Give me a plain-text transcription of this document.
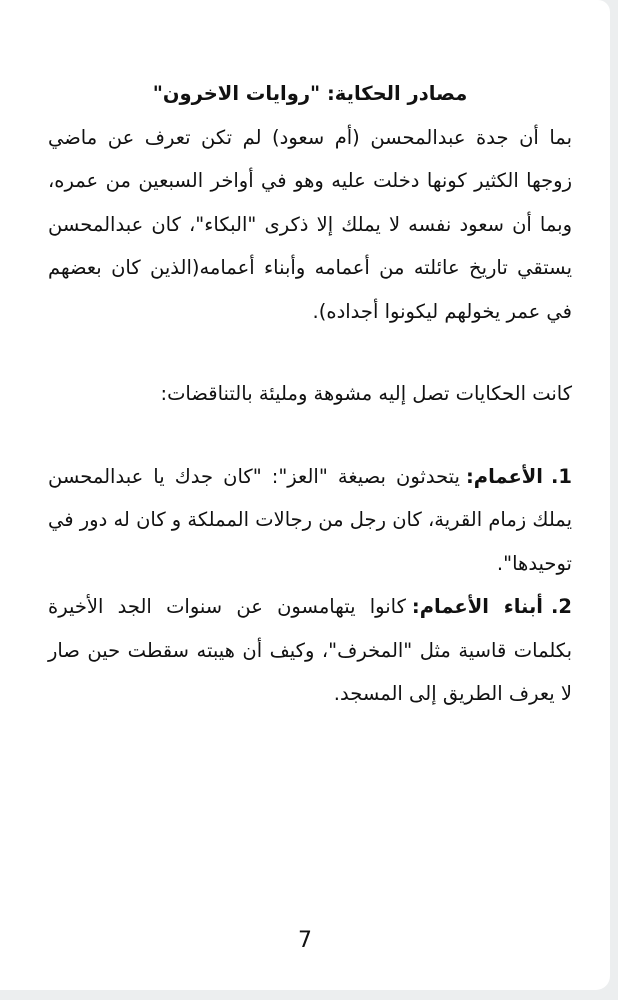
مصادر الحكاية: "روايات الاخرون"

بما أن جدة عبدالمحسن (أم سعود) لم تكن تعرف عن ماضي زوجها الكثير كونها دخلت عليه وهو في أواخر السبعين من عمره، وبما أن سعود نفسه لا يملك إلا ذكرى "البكاء"، كان عبدالمحسن يستقي تاريخ عائلته من أعمامه وأبناء أعمامه(الذين كان بعضهم في عمر يخولهم ليكونوا أجداده).

كانت الحكايات تصل إليه مشوهة ومليئة بالتناقضات:

1.الأعمام:يتحدثون بصيغة "العز": "كان جدك يا عبدالمحسن يملك زمام القرية، كان رجل من رجالات المملكة و كان له دور في توحيدها".

2.أبناء الأعمام:كانوا يتهامسون عن سنوات الجد الأخيرة بكلمات قاسية مثل "المخرف"، وكيف أن هيبته سقطت حين صار لا يعرف الطريق إلى المسجد.

7
